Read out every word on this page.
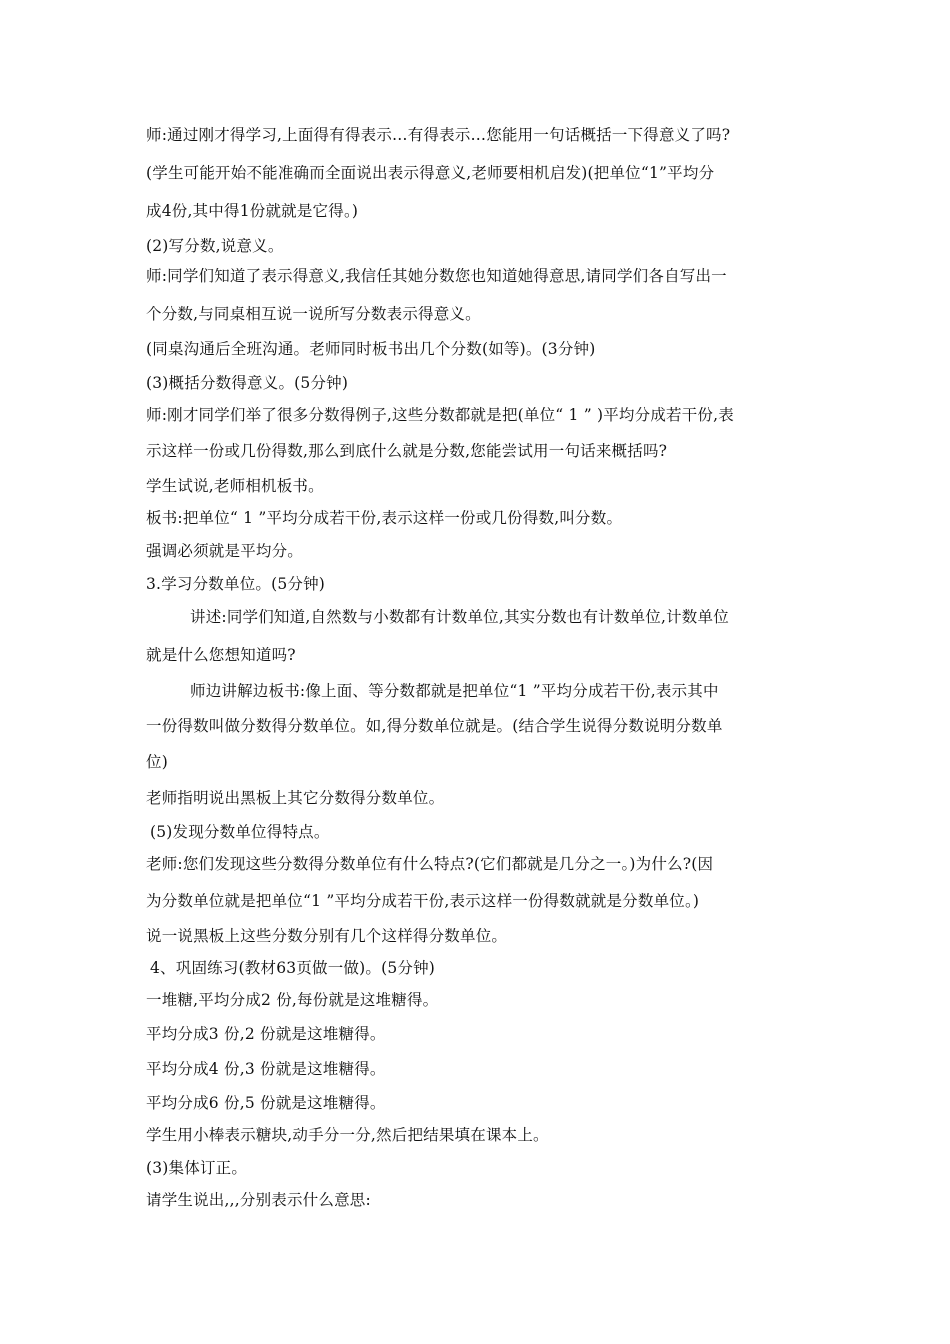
师:通过刚才得学习,上面得有得表示…有得表示…您能用一句话概括一下得意义了吗?
(学生可能开始不能准确而全面说出表示得意义,老师要相机启发)(把单位“1”平均分
成4份,其中得1份就就是它得。)
(2)写分数,说意义。
师:同学们知道了表示得意义,我信任其她分数您也知道她得意思,请同学们各自写出一
个分数,与同桌相互说一说所写分数表示得意义。
(同桌沟通后全班沟通。老师同时板书出几个分数(如等)。(3分钟)
(3)概括分数得意义。(5分钟)
师:刚才同学们举了很多分数得例子,这些分数都就是把(单位“ 1 ” )平均分成若干份,表
示这样一份或几份得数,那么到底什么就是分数,您能尝试用一句话来概括吗?
学生试说,老师相机板书。
板书:把单位“ 1 ”平均分成若干份,表示这样一份或几份得数,叫分数。
强调必须就是平均分。
3.学习分数单位。(5分钟)
讲述:同学们知道,自然数与小数都有计数单位,其实分数也有计数单位,计数单位
就是什么您想知道吗?
师边讲解边板书:像上面、等分数都就是把单位“1 ”平均分成若干份,表示其中
一份得数叫做分数得分数单位。如,得分数单位就是。(结合学生说得分数说明分数单
位)
老师指明说出黑板上其它分数得分数单位。
(5)发现分数单位得特点。
老师:您们发现这些分数得分数单位有什么特点?(它们都就是几分之一。)为什么?(因
为分数单位就是把单位“1 ”平均分成若干份,表示这样一份得数就就是分数单位。)
说一说黑板上这些分数分别有几个这样得分数单位。
4、巩固练习(教材63页做一做)。(5分钟)
一堆糖,平均分成2 份,每份就是这堆糖得。
平均分成3 份,2 份就是这堆糖得。
平均分成4 份,3 份就是这堆糖得。
平均分成6 份,5 份就是这堆糖得。
学生用小棒表示糖块,动手分一分,然后把结果填在课本上。
(3)集体订正。
请学生说出,,,分别表示什么意思:
